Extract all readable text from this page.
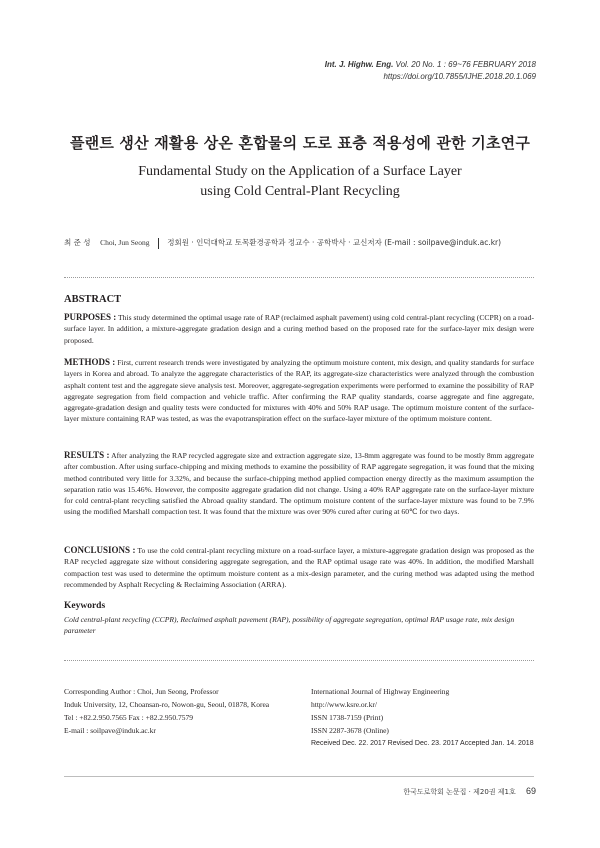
Int. J. Highw. Eng. Vol. 20 No. 1 : 69~76 FEBRUARY 2018
https://doi.org/10.7855/IJHE.2018.20.1.069
플랜트 생산 재활용 상온 혼합물의 도로 표층 적용성에 관한 기초연구
Fundamental Study on the Application of a Surface Layer
using Cold Central-Plant Recycling
최 준 성 Choi, Jun Seong 정회원 · 인덕대학교 토목환경공학과 정교수 · 공학박사 · 교신저자 (E-mail : soilpave@induk.ac.kr)
ABSTRACT
PURPOSES : This study determined the optimal usage rate of RAP (reclaimed asphalt pavement) using cold central-plant recycling (CCPR) on a road-surface layer. In addition, a mixture-aggregate gradation design and a curing method based on the proposed rate for the surface-layer mix design were proposed.
METHODS : First, current research trends were investigated by analyzing the optimum moisture content, mix design, and quality standards for surface layers in Korea and abroad. To analyze the aggregate characteristics of the RAP, its aggregate-size characteristics were analyzed through the combustion asphalt content test and the aggregate sieve analysis test. Moreover, aggregate-segregation experiments were performed to examine the possibility of RAP aggregate segregation from field compaction and vehicle traffic. After confirming the RAP quality standards, coarse aggregate and fine aggregate, aggregate-gradation design and quality tests were conducted for mixtures with 40% and 50% RAP usage. The optimum moisture content of the surface-layer mixture containing RAP was tested, as was the evapotranspiration effect on the surface-layer mixture of the optimum moisture content.
RESULTS : After analyzing the RAP recycled aggregate size and extraction aggregate size, 13-8mm aggregate was found to be mostly 8mm aggregate after combustion. After using surface-chipping and mixing methods to examine the possibility of RAP aggregate segregation, it was found that the mixing method contributed very little for 3.32%, and because the surface-chipping method applied compaction energy directly as the maximum assumption the separation ratio was 15.46%. However, the composite aggregate gradation did not change. Using a 40% RAP aggregate rate on the surface-layer mixture for cold central-plant recycling satisfied the Abroad quality standard. The optimum moisture content of the surface-layer mixture was found to be 7.9% using the modified Marshall compaction test. It was found that the mixture was over 90% cured after curing at 60℃ for two days.
CONCLUSIONS : To use the cold central-plant recycling mixture on a road-surface layer, a mixture-aggregate gradation design was proposed as the RAP recycled aggregate size without considering aggregate segregation, and the RAP optimal usage rate was 40%. In addition, the modified Marshall compaction test was used to determine the optimum moisture content as a mix-design parameter, and the curing method was adapted using the method recommended by Asphalt Recycling & Reclaiming Association (ARRA).
Keywords
Cold central-plant recycling (CCPR), Reclaimed asphalt pavement (RAP), possibility of aggregate segregation, optimal RAP usage rate, mix design parameter
Corresponding Author : Choi, Jun Seong, Professor
Induk University, 12, Choansan-ro, Nowon-gu, Seoul, 01878, Korea
Tel : +82.2.950.7565 Fax : +82.2.950.7579
E-mail : soilpave@induk.ac.kr
International Journal of Highway Engineering
http://www.ksre.or.kr/
ISSN 1738-7159 (Print)
ISSN 2287-3678 (Online)
Received Dec. 22. 2017 Revised Dec. 23. 2017 Accepted Jan. 14. 2018
한국도로학회 논문집 · 제20권 제1호 69
